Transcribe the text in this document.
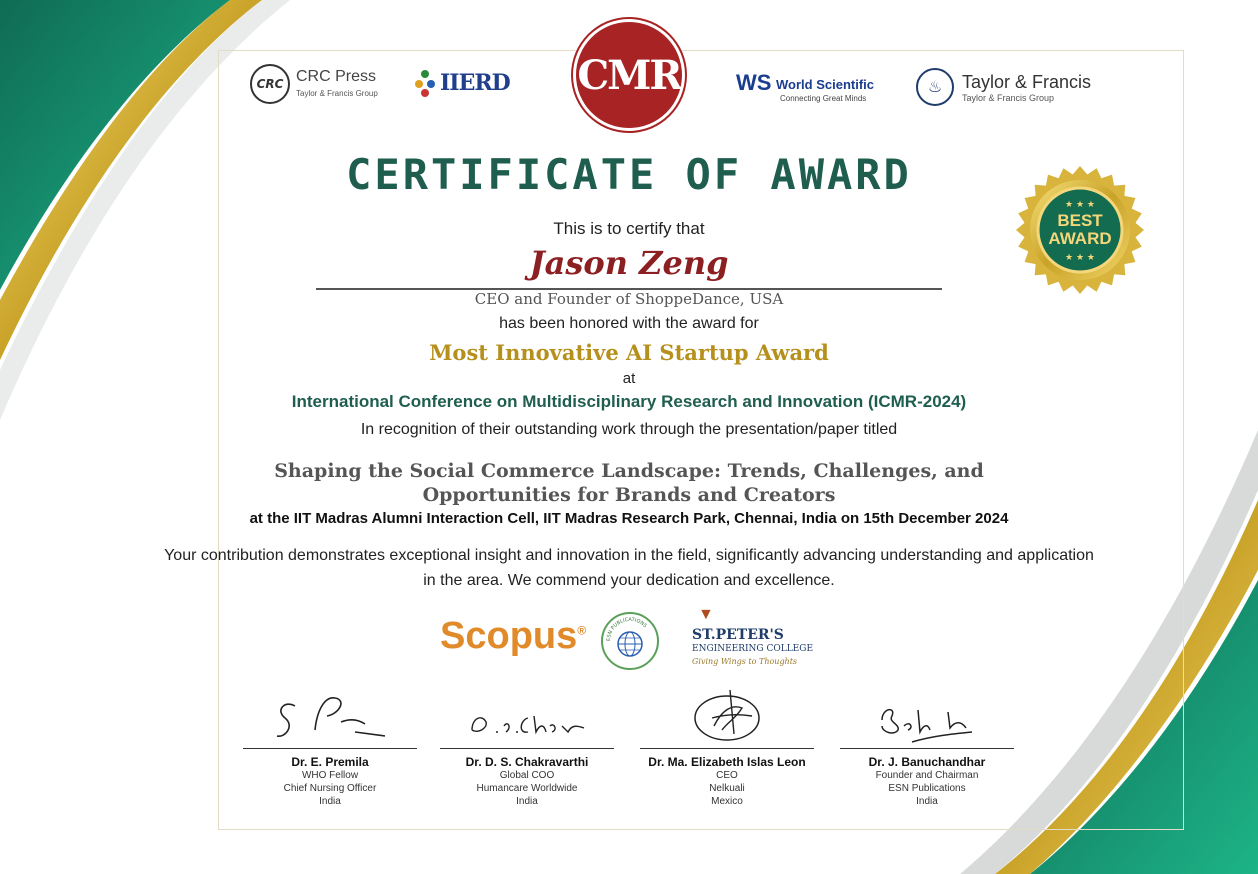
CRC CRC Press
Taylor & Francis Group	IIERD CMR	WS World Scientific
Connecting Great Minds
♨	Taylor & Francis
Taylor & Francis Group
★ ★ ★
BEST
AWARD
★ ★ ★
CERTIFICATE OF AWARD
This is to certify that
Jason Zeng
CEO and Founder of ShoppeDance, USA
has been honored with the award for
Most Innovative AI Startup Award
at
International Conference on Multidisciplinary Research and Innovation (ICMR-2024)
In recognition of their outstanding work through the presentation/paper titled
Shaping the Social Commerce Landscape: Trends, Challenges, and Opportunities for Brands and Creators
at the IIT Madras Alumni Interaction Cell, IIT Madras Research Park, Chennai, India on 15th December 2024
Your contribution demonstrates exceptional insight and innovation in the field, significantly advancing understanding and application in the area. We commend your dedication and excellence.
Scopus®
ESN PUBLICATIONS
▼
ST.PETER'S
ENGINEERING COLLEGE
Giving Wings to Thoughts
Dr. E. Premila
WHO Fellow
Chief Nursing Officer
India
Dr. D. S. Chakravarthi
Global COO
Humancare Worldwide
India
Dr. Ma. Elizabeth Islas Leon
CEO
Nelkuali
Mexico
Dr. J. Banuchandhar
Founder and Chairman
ESN Publications
India
